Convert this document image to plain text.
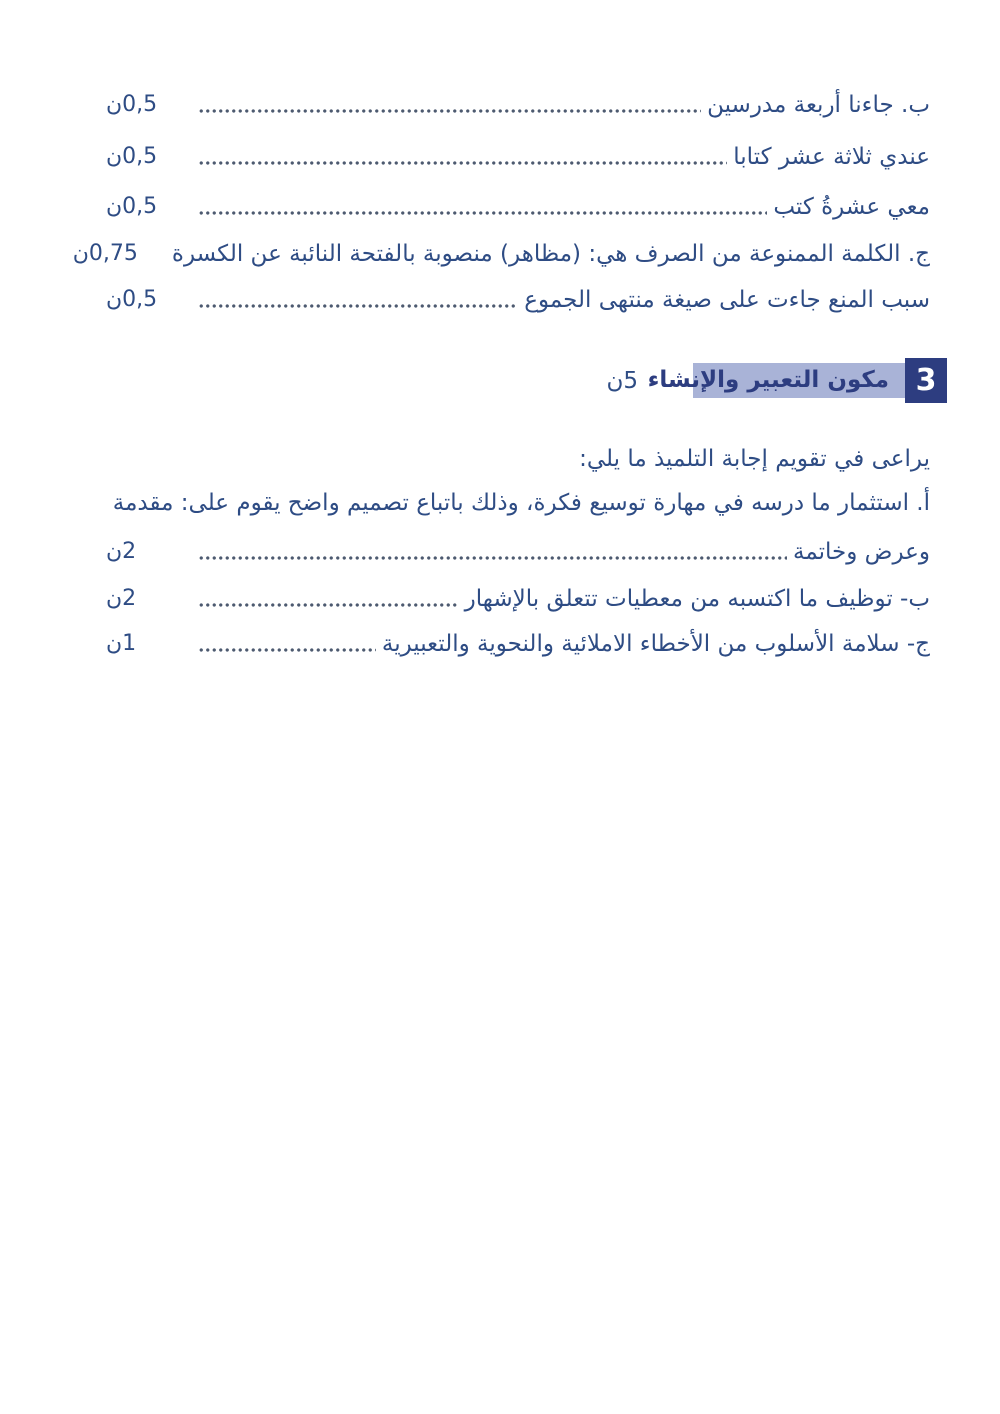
ب. جاءنا أربعة مدرسين
0,5ن
عندي ثلاثة عشر كتابا
0,5ن
معي عشرةُ كتب
0,5ن
ج. الكلمة الممنوعة من الصرف هي: (مظاهر) منصوبة بالفتحة النائبة عن الكسرة
0,75ن
سبب المنع جاءت على صيغة منتهى الجموع
0,5ن
3
مكون التعبير والإنشاء
5ن
يراعى في تقويم إجابة التلميذ ما يلي:
أ. استثمار ما درسه في مهارة توسيع فكرة، وذلك باتباع تصميم واضح يقوم على: مقدمة
وعرض وخاتمة
2ن
ب- توظيف ما اكتسبه من معطيات تتعلق بالإشهار
2ن
ج- سلامة الأسلوب من الأخطاء الاملائية والنحوية والتعبيرية
1ن
